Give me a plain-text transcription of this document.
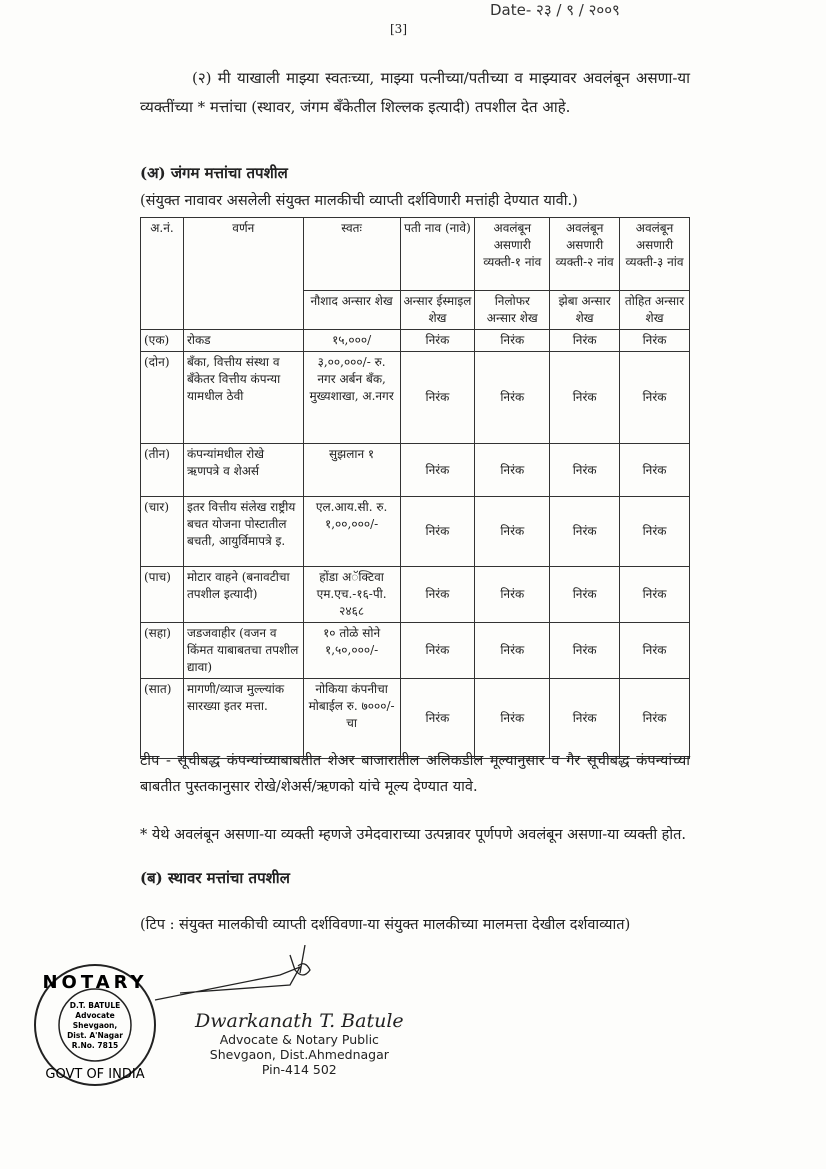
Date- २३ / ९ / २००९
[3]
(२) मी याखाली माझ्या स्वतःच्या, माझ्या पत्नीच्या/पतीच्या व माझ्यावर अवलंबून असणा-या व्यक्तींच्या * मत्तांचा (स्थावर, जंगम बँकेतील शिल्लक इत्यादी) तपशील देत आहे.
(अ) जंगम मत्तांचा तपशील
(संयुक्त नावावर असलेली संयुक्त मालकीची व्याप्ती दर्शविणारी मत्तांही देण्यात यावी.)
अ.नं.	वर्णन	स्वतः	पती नाव (नावे)	अवलंबून असणारी व्यक्ती-१ नांव	अवलंबून असणारी व्यक्ती-२ नांव	अवलंबून असणारी व्यक्ती-३ नांव
		नौशाद अन्सार शेख	अन्सार ईस्माइल शेख	निलोफर अन्सार शेख	झेबा अन्सार शेख	तोहित अन्सार शेख
(एक)	रोकड	१५,०००/	निरंक	निरंक	निरंक	निरंक
(दोन)	बँका, वित्तीय संस्था व बँकेतर वित्तीय कंपन्या यामधील ठेवी	३,००,०००/- रु. नगर अर्बन बँक, मुख्यशाखा, अ.नगर	निरंक	निरंक	निरंक	निरंक
(तीन)	कंपन्यांमधील रोखे ऋणपत्रे व शेअर्स	सुझलान १	निरंक	निरंक	निरंक	निरंक
(चार)	इतर वित्तीय संलेख राष्ट्रीय बचत योजना पोस्टातील बचती, आयुर्विमापत्रे इ.	एल.आय.सी. रु. १,००,०००/-	निरंक	निरंक	निरंक	निरंक
(पाच)	मोटार वाहने (बनावटीचा तपशील इत्यादी)	होंडा अॅक्टिवा एम.एच.-१६-पी. २४६८	निरंक	निरंक	निरंक	निरंक
(सहा)	जडजवाहीर (वजन व किंमत याबाबतचा तपशील द्यावा)	१० तोळे सोने १,५०,०००/-	निरंक	निरंक	निरंक	निरंक
(सात)	मागणी/व्याज मुल्ल्यांक सारख्या इतर मत्ता.	नोकिया कंपनीचा मोबाईल रु. ७०००/- चा	निरंक	निरंक	निरंक	निरंक
टीप - सूचीबद्ध कंपन्यांच्याबाबतीत शेअर बाजारातील अलिकडील मूल्यानुसार व गैर सूचीबद्ध कंपन्यांच्या बाबतीत पुस्तकानुसार रोखे/शेअर्स/ऋणको यांचे मूल्य देण्यात यावे.
* येथे अवलंबून असणा-या व्यक्ती म्हणजे उमेदवाराच्या उत्पन्नावर पूर्णपणे अवलंबून असणा-या व्यक्ती होत.
(ब) स्थावर मत्तांचा तपशील
(टिप : संयुक्त मालकीची व्याप्ती दर्शविवणा-या संयुक्त मालकीच्या मालमत्ता देखील दर्शवाव्यात)
NOTARY
GOVT OF INDIA
D.T. BATULE
Advocate
Shevgaon,
Dist. A'Nagar
R.No. 7815
Dwarkanath T. Batule
Advocate & Notary Public
Shevgaon, Dist.Ahmednagar
Pin-414 502
